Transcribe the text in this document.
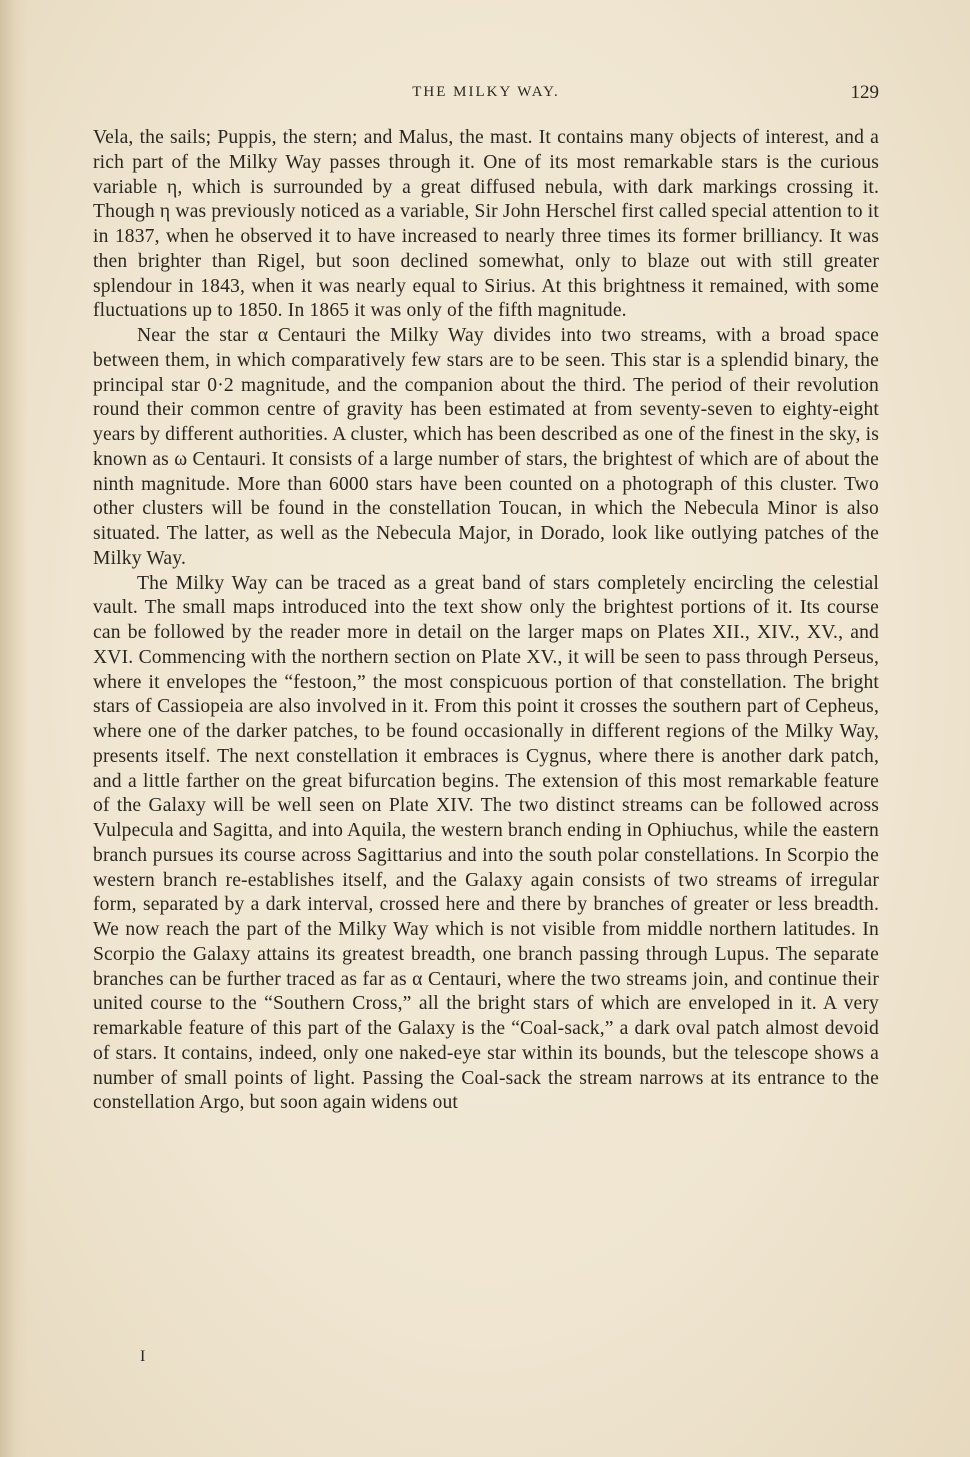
THE MILKY WAY.	129

Vela, the sails; Puppis, the stern; and Malus, the mast. It contains many objects of interest, and a rich part of the Milky Way passes through it. One of its most remarkable stars is the curious variable η, which is surrounded by a great diffused nebula, with dark markings crossing it. Though η was previously noticed as a variable, Sir John Herschel first called special attention to it in 1837, when he observed it to have increased to nearly three times its former brilliancy. It was then brighter than Rigel, but soon declined somewhat, only to blaze out with still greater splendour in 1843, when it was nearly equal to Sirius. At this brightness it remained, with some fluctuations up to 1850. In 1865 it was only of the fifth magnitude.

Near the star α Centauri the Milky Way divides into two streams, with a broad space between them, in which comparatively few stars are to be seen. This star is a splendid binary, the principal star 0·2 magnitude, and the companion about the third. The period of their revolution round their common centre of gravity has been estimated at from seventy-seven to eighty-eight years by different authorities. A cluster, which has been described as one of the finest in the sky, is known as ω Centauri. It consists of a large number of stars, the brightest of which are of about the ninth magnitude. More than 6000 stars have been counted on a photograph of this cluster. Two other clusters will be found in the constellation Toucan, in which the Nebecula Minor is also situated. The latter, as well as the Nebecula Major, in Dorado, look like outlying patches of the Milky Way.

The Milky Way can be traced as a great band of stars completely encircling the celestial vault. The small maps introduced into the text show only the brightest portions of it. Its course can be followed by the reader more in detail on the larger maps on Plates XII., XIV., XV., and XVI. Commencing with the northern section on Plate XV., it will be seen to pass through Perseus, where it envelopes the “festoon,” the most conspicuous portion of that constellation. The bright stars of Cassiopeia are also involved in it. From this point it crosses the southern part of Cepheus, where one of the darker patches, to be found occasionally in different regions of the Milky Way, presents itself. The next constellation it embraces is Cygnus, where there is another dark patch, and a little farther on the great bifurcation begins. The extension of this most remarkable feature of the Galaxy will be well seen on Plate XIV. The two distinct streams can be followed across Vulpecula and Sagitta, and into Aquila, the western branch ending in Ophiuchus, while the eastern branch pursues its course across Sagittarius and into the south polar constellations. In Scorpio the western branch re-establishes itself, and the Galaxy again consists of two streams of irregular form, separated by a dark interval, crossed here and there by branches of greater or less breadth. We now reach the part of the Milky Way which is not visible from middle northern latitudes. In Scorpio the Galaxy attains its greatest breadth, one branch passing through Lupus. The separate branches can be further traced as far as α Centauri, where the two streams join, and continue their united course to the “Southern Cross,” all the bright stars of which are enveloped in it. A very remarkable feature of this part of the Galaxy is the “Coal-sack,” a dark oval patch almost devoid of stars. It contains, indeed, only one naked-eye star within its bounds, but the telescope shows a number of small points of light. Passing the Coal-sack the stream narrows at its entrance to the constellation Argo, but soon again widens out

I
